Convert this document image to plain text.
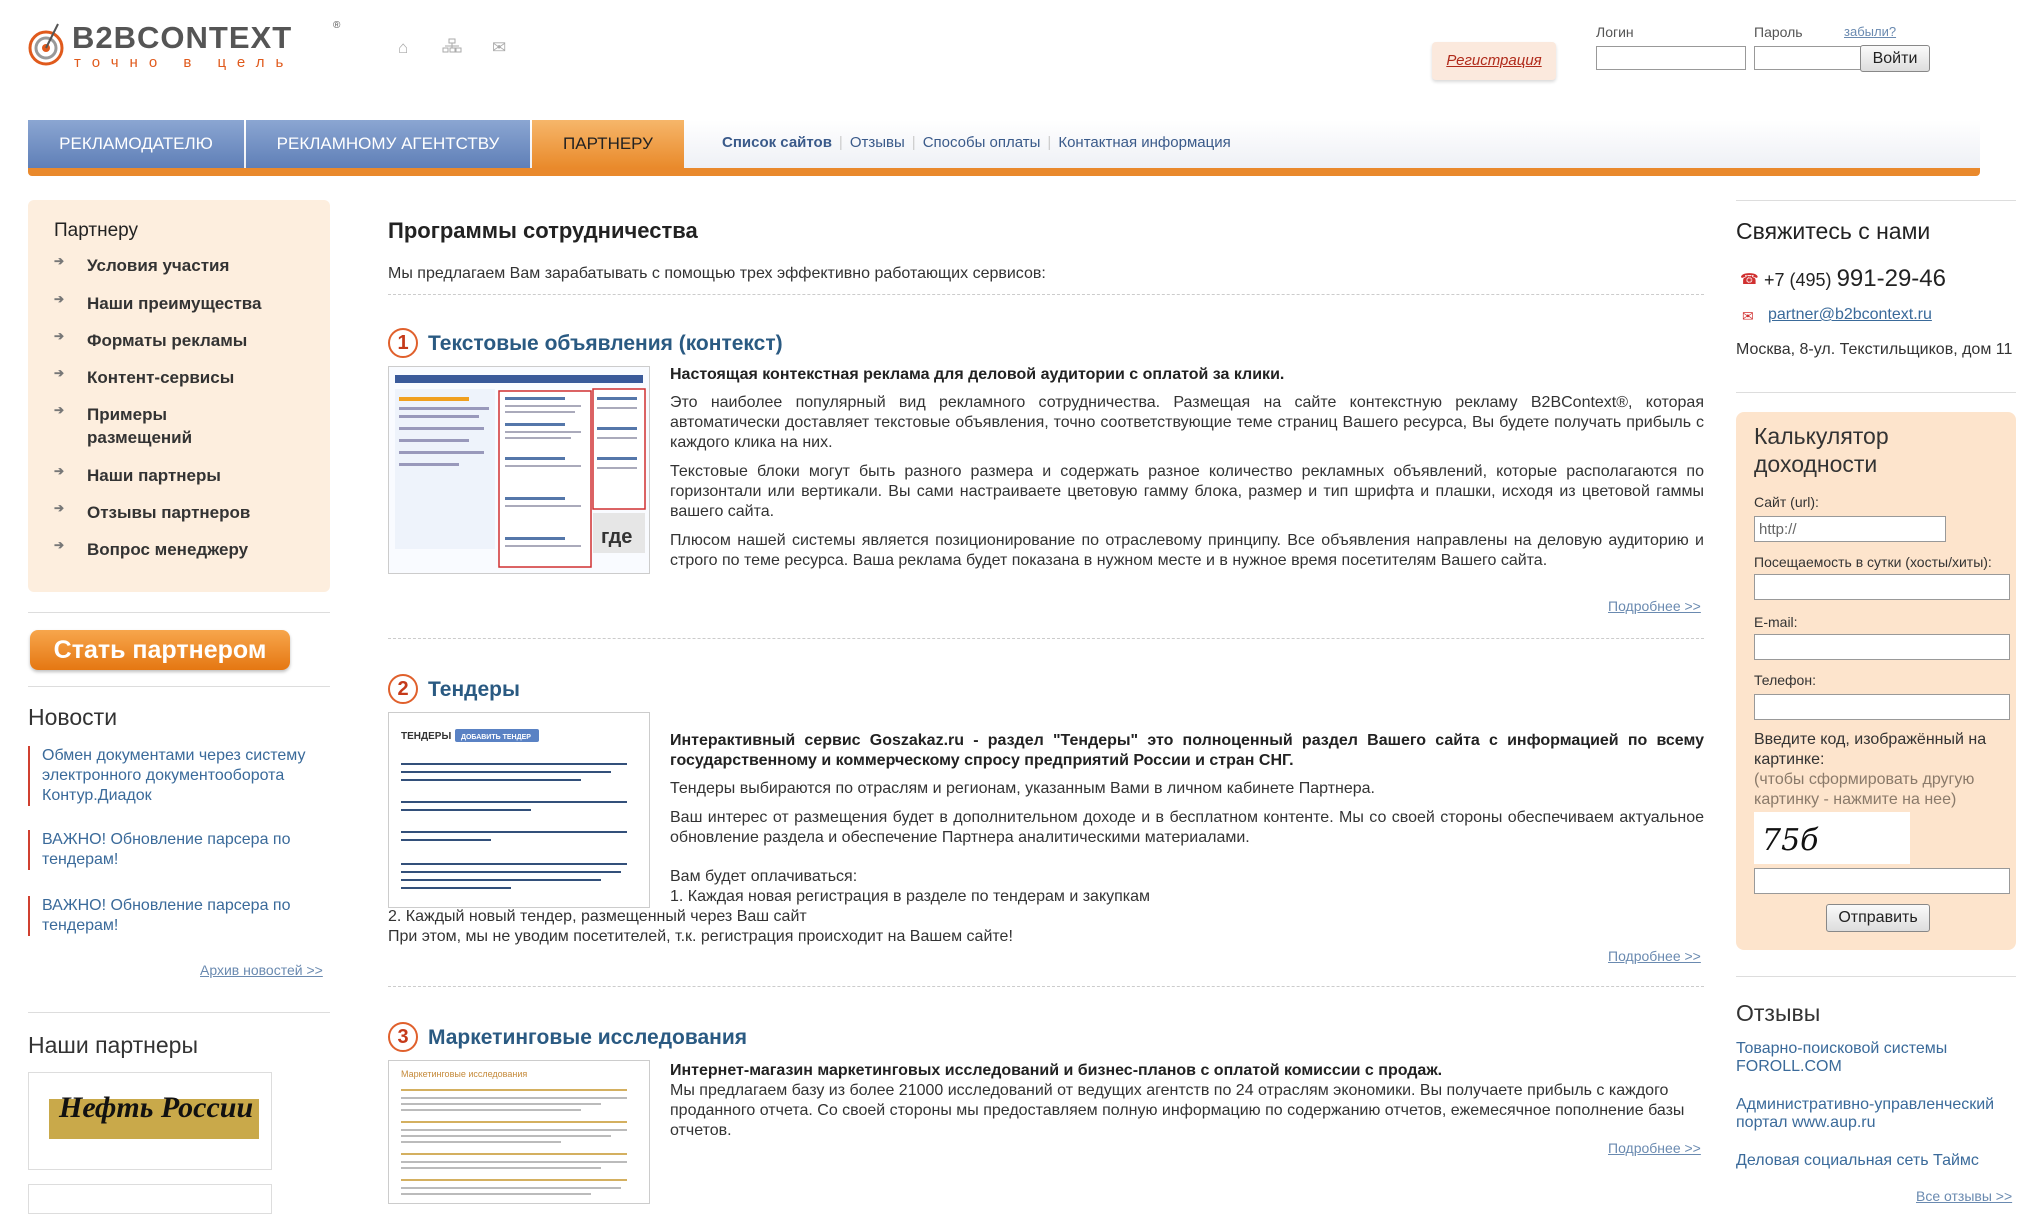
B2BCONTEXT	®
точно в цель
⌂	✉
Регистрация
Логин	Пароль	забыли?
Войти
РЕКЛАМОДАТЕЛЮ	РЕКЛАМНОМУ АГЕНТСТВУ	ПАРТНЕРУ	Список сайтов | Отзывы | Способы оплаты | Контактная информация
Партнеру
➔ Условия участия
➔ Наши преимущества
➔ Форматы рекламы
➔ Контент-сервисы
➔ Примеры размещений
➔ Наши партнеры
➔ Отзывы партнеров
➔ Вопрос менеджеру
Стать партнером
Новости
Обмен документами через систему электронного документооборота Контур.Диадок
ВАЖНО! Обновление парсера по тендерам!
ВАЖНО! Обновление парсера по тендерам!
Архив новостей >>
Наши партнеры
Нефть России
Программы сотрудничества
Мы предлагаем Вам зарабатывать с помощью трех эффективно работающих сервисов:
1 Текстовые объявления (контекст)
где
Настоящая контекстная реклама для деловой аудитории с оплатой за клики.
Это наиболее популярный вид рекламного сотрудничества. Размещая на сайте контекстную рекламу B2BContext®, которая автоматически доставляет текстовые объявления, точно соответствующие теме страниц Вашего ресурса, Вы будете получать прибыль с каждого клика на них.
Текстовые блоки могут быть разного размера и содержать разное количество рекламных объявлений, которые располагаются по горизонтали или вертикали. Вы сами настраиваете цветовую гамму блока, размер и тип шрифта и плашки, исходя из цветовой гаммы вашего сайта.
Плюсом нашей системы является позиционирование по отраслевому принципу. Все объявления направлены на деловую аудиторию и строго по теме ресурса. Ваша реклама будет показана в нужном месте и в нужное время посетителям Вашего сайта.
Подробнее >>
2 Тендеры
ТЕНДЕРЫ ДОБАВИТЬ ТЕНДЕР	Интерактивный сервис Goszakaz.ru - раздел "Тендеры" это полноценный раздел Вашего сайта с информацией по всему государственному и коммерческому спросу предприятий России и стран СНГ.
Тендеры выбираются по отраслям и регионам, указанным Вами в личном кабинете Партнера.
Ваш интерес от размещения будет в дополнительном доходе и в бесплатном контенте. Мы со своей стороны обеспечиваем актуальное обновление раздела и обеспечение Партнера аналитическими материалами.
Вам будет оплачиваться:
1. Каждая новая регистрация в разделе по тендерам и закупкам
2. Каждый новый тендер, размещенный через Ваш сайт
При этом, мы не уводим посетителей, т.к. регистрация происходит на Вашем сайте!
Подробнее >>
3 Маркетинговые исследования
Маркетинговые исследования	Интернет-магазин маркетинговых исследований и бизнес-планов с оплатой комиссии с продаж.
Мы предлагаем базу из более 21000 исследований от ведущих агентств по 24 отраслям экономики. Вы получаете прибыль с каждого проданного отчета. Со своей стороны мы предоставляем полную информацию по содержанию отчетов, ежемесячное пополнение базы отчетов.
Подробнее >>
Свяжитесь с нами
☎ +7 (495) 991-29-46
✉ partner@b2bcontext.ru
Москва, 8-ул. Текстильщиков, дом 11
Калькулятор доходности
Сайт (url):
http://
Посещаемость в сутки (хосты/хиты):
E-mail:
Телефон:
Введите код, изображённый на картинке:
(чтобы сформировать другую картинку - нажмите на нее)
75б
Отправить
Отзывы
Товарно-поисковой системы FOROLL.COM
Административно-управленческий портал www.aup.ru
Деловая социальная сеть Таймс
Все отзывы >>
